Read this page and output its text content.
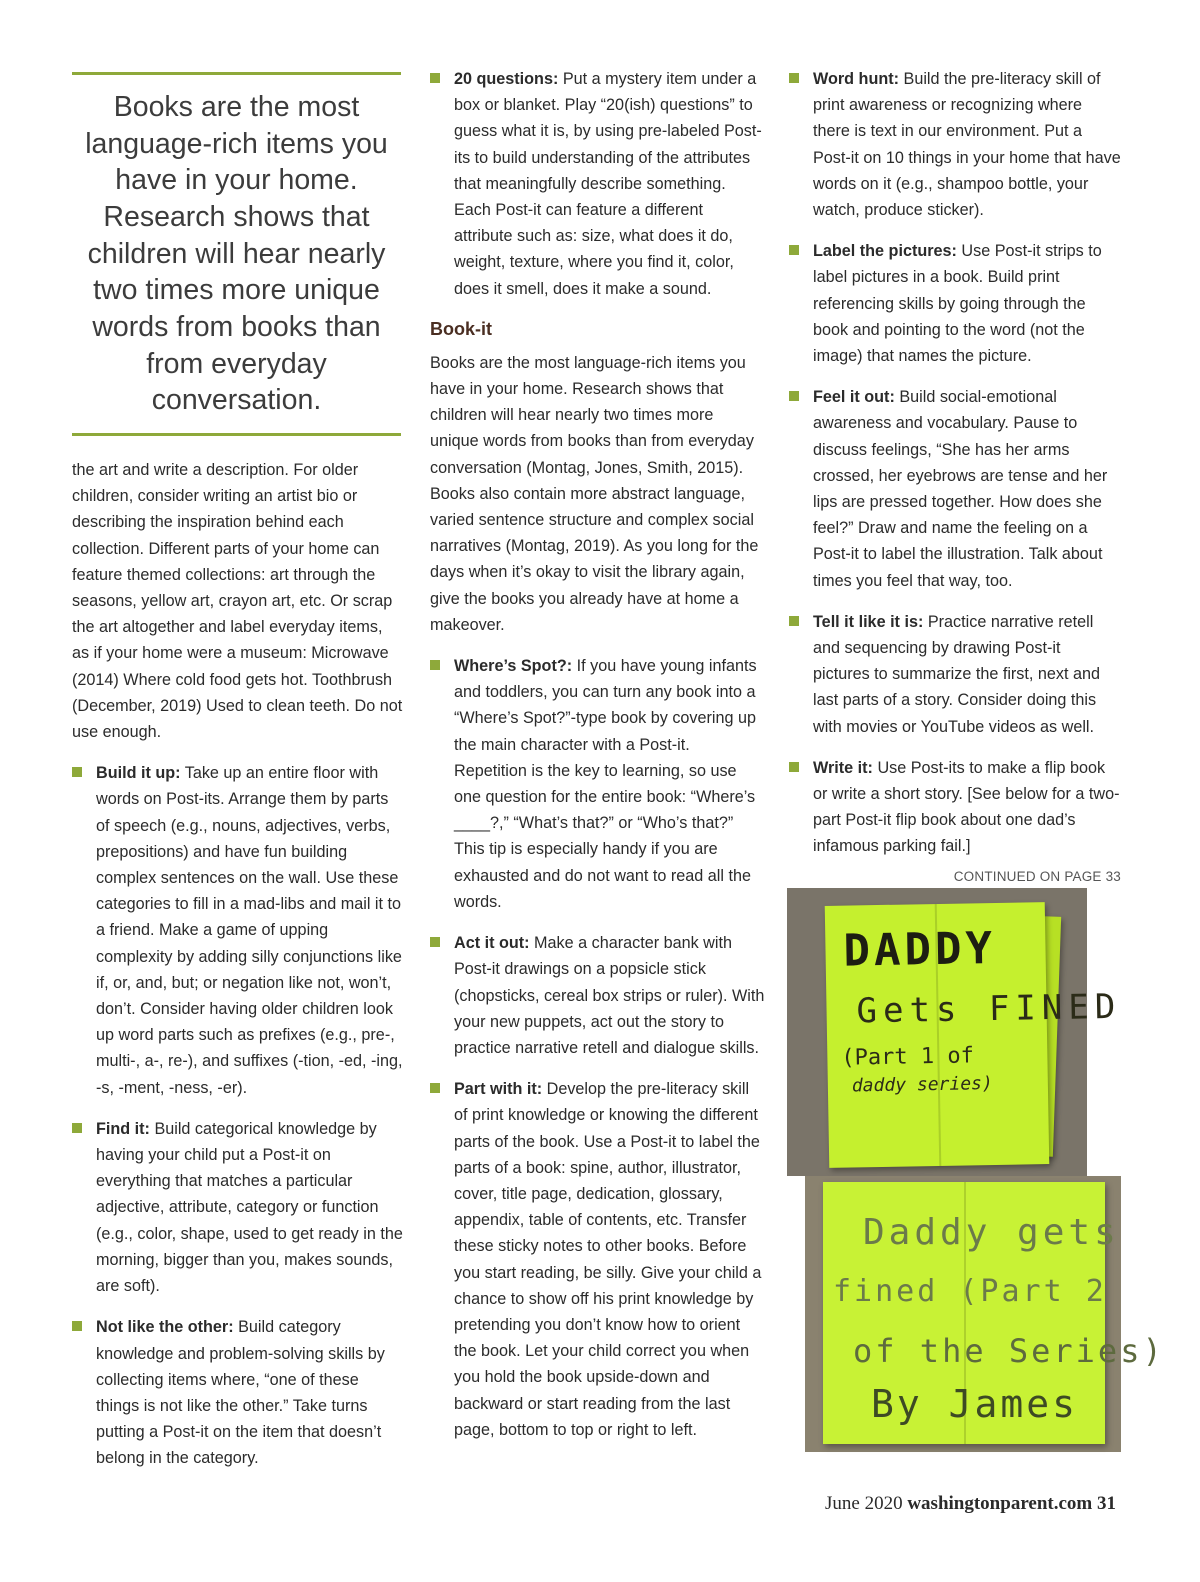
Books are the most language-rich items you have in your home. Research shows that children will hear nearly two times more unique words from books than from everyday conversation.

the art and write a description. For older children, consider writing an artist bio or describing the inspiration behind each collection. Different parts of your home can feature themed collections: art through the seasons, yellow art, crayon art, etc. Or scrap the art altogether and label everyday items, as if your home were a museum: Microwave (2014) Where cold food gets hot. Toothbrush (December, 2019) Used to clean teeth. Do not use enough.

Build it up: Take up an entire floor with words on Post-its. Arrange them by parts of speech (e.g., nouns, adjectives, verbs, prepositions) and have fun building complex sentences on the wall. Use these categories to fill in a mad-libs and mail it to a friend. Make a game of upping complexity by adding silly conjunctions like if, or, and, but; or negation like not, won’t, don’t. Consider having older children look up word parts such as prefixes (e.g., pre-, multi-, a-, re-), and suffixes (-tion, -ed, -ing, -s, -ment, -ness, -er).
Find it: Build categorical knowledge by having your child put a Post-it on everything that matches a particular adjective, attribute, category or function (e.g., color, shape, used to get ready in the morning, bigger than you, makes sounds, are soft).
Not like the other: Build category knowledge and problem-solving skills by collecting items where, “one of these things is not like the other.” Take turns putting a Post-it on the item that doesn’t belong in the category.
20 questions: Put a mystery item under a box or blanket. Play “20(ish) questions” to guess what it is, by using pre-labeled Post-its to build understanding of the attributes that meaningfully describe something. Each Post-it can feature a different attribute such as: size, what does it do, weight, texture, where you find it, color, does it smell, does it make a sound.
Book-it

Books are the most language-rich items you have in your home. Research shows that children will hear nearly two times more unique words from books than from everyday conversation (Montag, Jones, Smith, 2015). Books also contain more abstract language, varied sentence structure and complex social narratives (Montag, 2019). As you long for the days when it’s okay to visit the library again, give the books you already have at home a makeover.

Where’s Spot?: If you have young infants and toddlers, you can turn any book into a “Where’s Spot?”-type book by covering up the main character with a Post-it. Repetition is the key to learning, so use one question for the entire book: “Where’s ____?,” “What’s that?” or “Who’s that?” This tip is especially handy if you are exhausted and do not want to read all the words.
Act it out: Make a character bank with Post-it drawings on a popsicle stick (chopsticks, cereal box strips or ruler). With your new puppets, act out the story to practice narrative retell and dialogue skills.
Part with it: Develop the pre-literacy skill of print knowledge or knowing the different parts of the book. Use a Post-it to label the parts of a book: spine, author, illustrator, cover, title page, dedication, glossary, appendix, table of contents, etc. Transfer these sticky notes to other books. Before you start reading, be silly. Give your child a chance to show off his print knowledge by pretending you don’t know how to orient the book. Let your child correct you when you hold the book upside-down and backward or start reading from the last page, bottom to top or right to left.
Word hunt: Build the pre-literacy skill of print awareness or recognizing where there is text in our environment. Put a Post-it on 10 things in your home that have words on it (e.g., shampoo bottle, your watch, produce sticker).
Label the pictures: Use Post-it strips to label pictures in a book. Build print referencing skills by going through the book and pointing to the word (not the image) that names the picture.
Feel it out: Build social-emotional awareness and vocabulary. Pause to discuss feelings, “She has her arms crossed, her eyebrows are tense and her lips are pressed together. How does she feel?” Draw and name the feeling on a Post-it to label the illustration. Talk about times you feel that way, too.
Tell it like it is: Practice narrative retell and sequencing by drawing Post-it pictures to summarize the first, next and last parts of a story. Consider doing this with movies or YouTube videos as well.
Write it: Use Post-its to make a flip book or write a short story. [See below for a two-part Post-it flip book about one dad’s infamous parking fail.]
CONTINUED ON PAGE 33
DADDY
Gets FINED
(Part 1 of
daddy series)
Daddy gets
fined (Part 2
of the Series)
By James
June 2020 washingtonparent.com 31
